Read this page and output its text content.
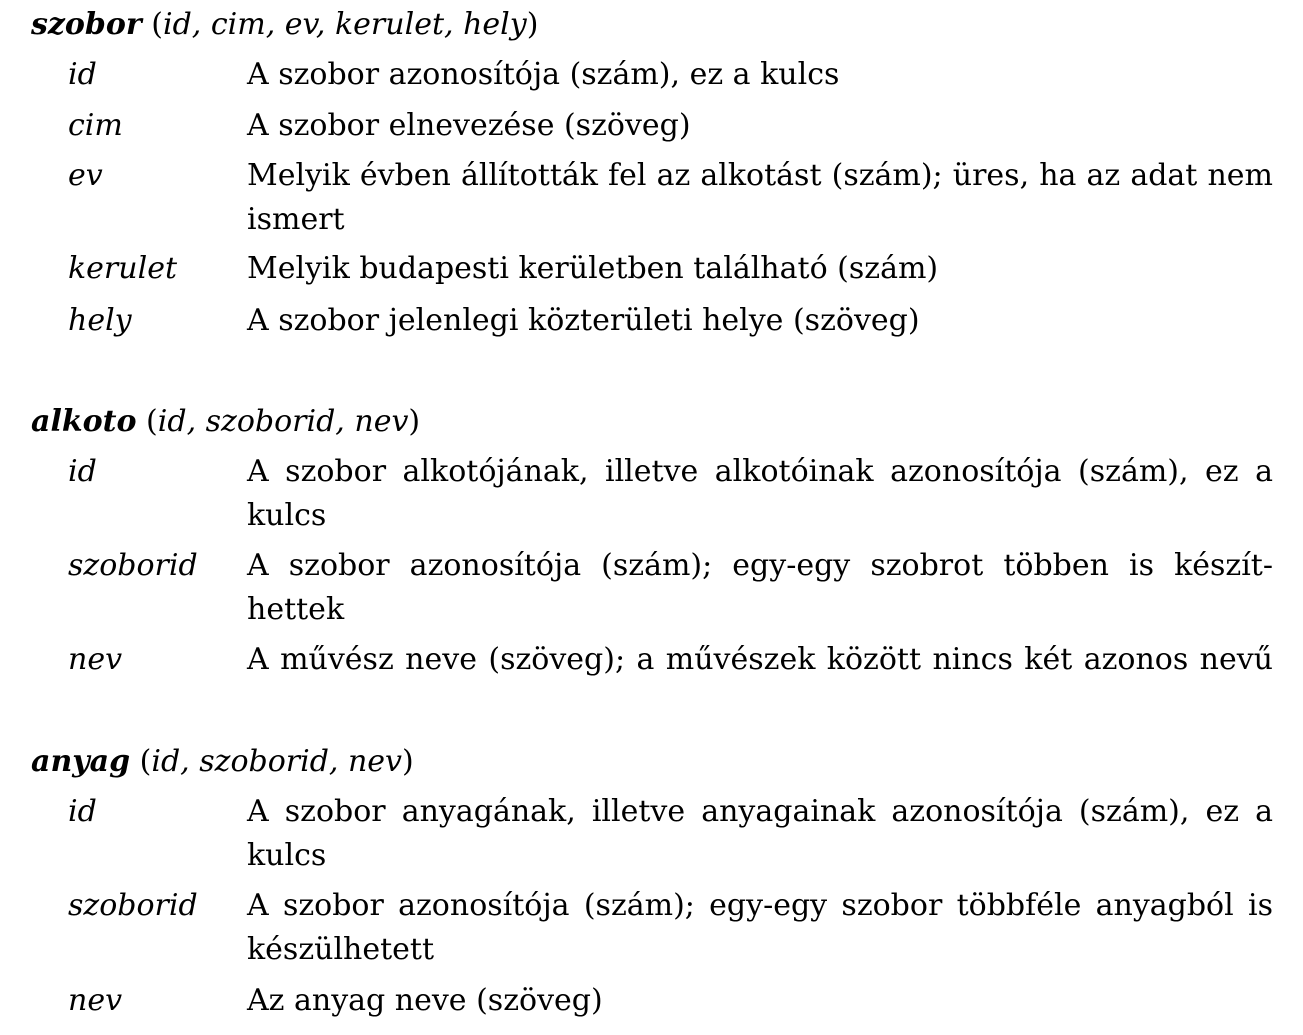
szobor (id, cim, ev, kerulet, hely)
id	A szobor azonosítója (szám), ez a kulcs
cim	A szobor elnevezése (szöveg)
ev	Melyik évben állították fel az alkotást (szám); üres, ha az adat nem ismert
kerulet Melyik budapesti kerületben található (szám)
hely	A szobor jelenlegi közterületi helye (szöveg)
alkoto (id, szoborid, nev)
id	A szobor alkotójának, illetve alkotóinak azonosítója (szám), ez a kulcs
szoborid A szobor azonosítója (szám); egy-egy szobrot többen is készíthettek
nev	A művész neve (szöveg); a művészek között nincs két azonos nevű
anyag (id, szoborid, nev)
id	A szobor anyagának, illetve anyagainak azonosítója (szám), ez a kulcs
szoborid A szobor azonosítója (szám); egy-egy szobor többféle anyagból is készülhetett
nev	Az anyag neve (szöveg)
